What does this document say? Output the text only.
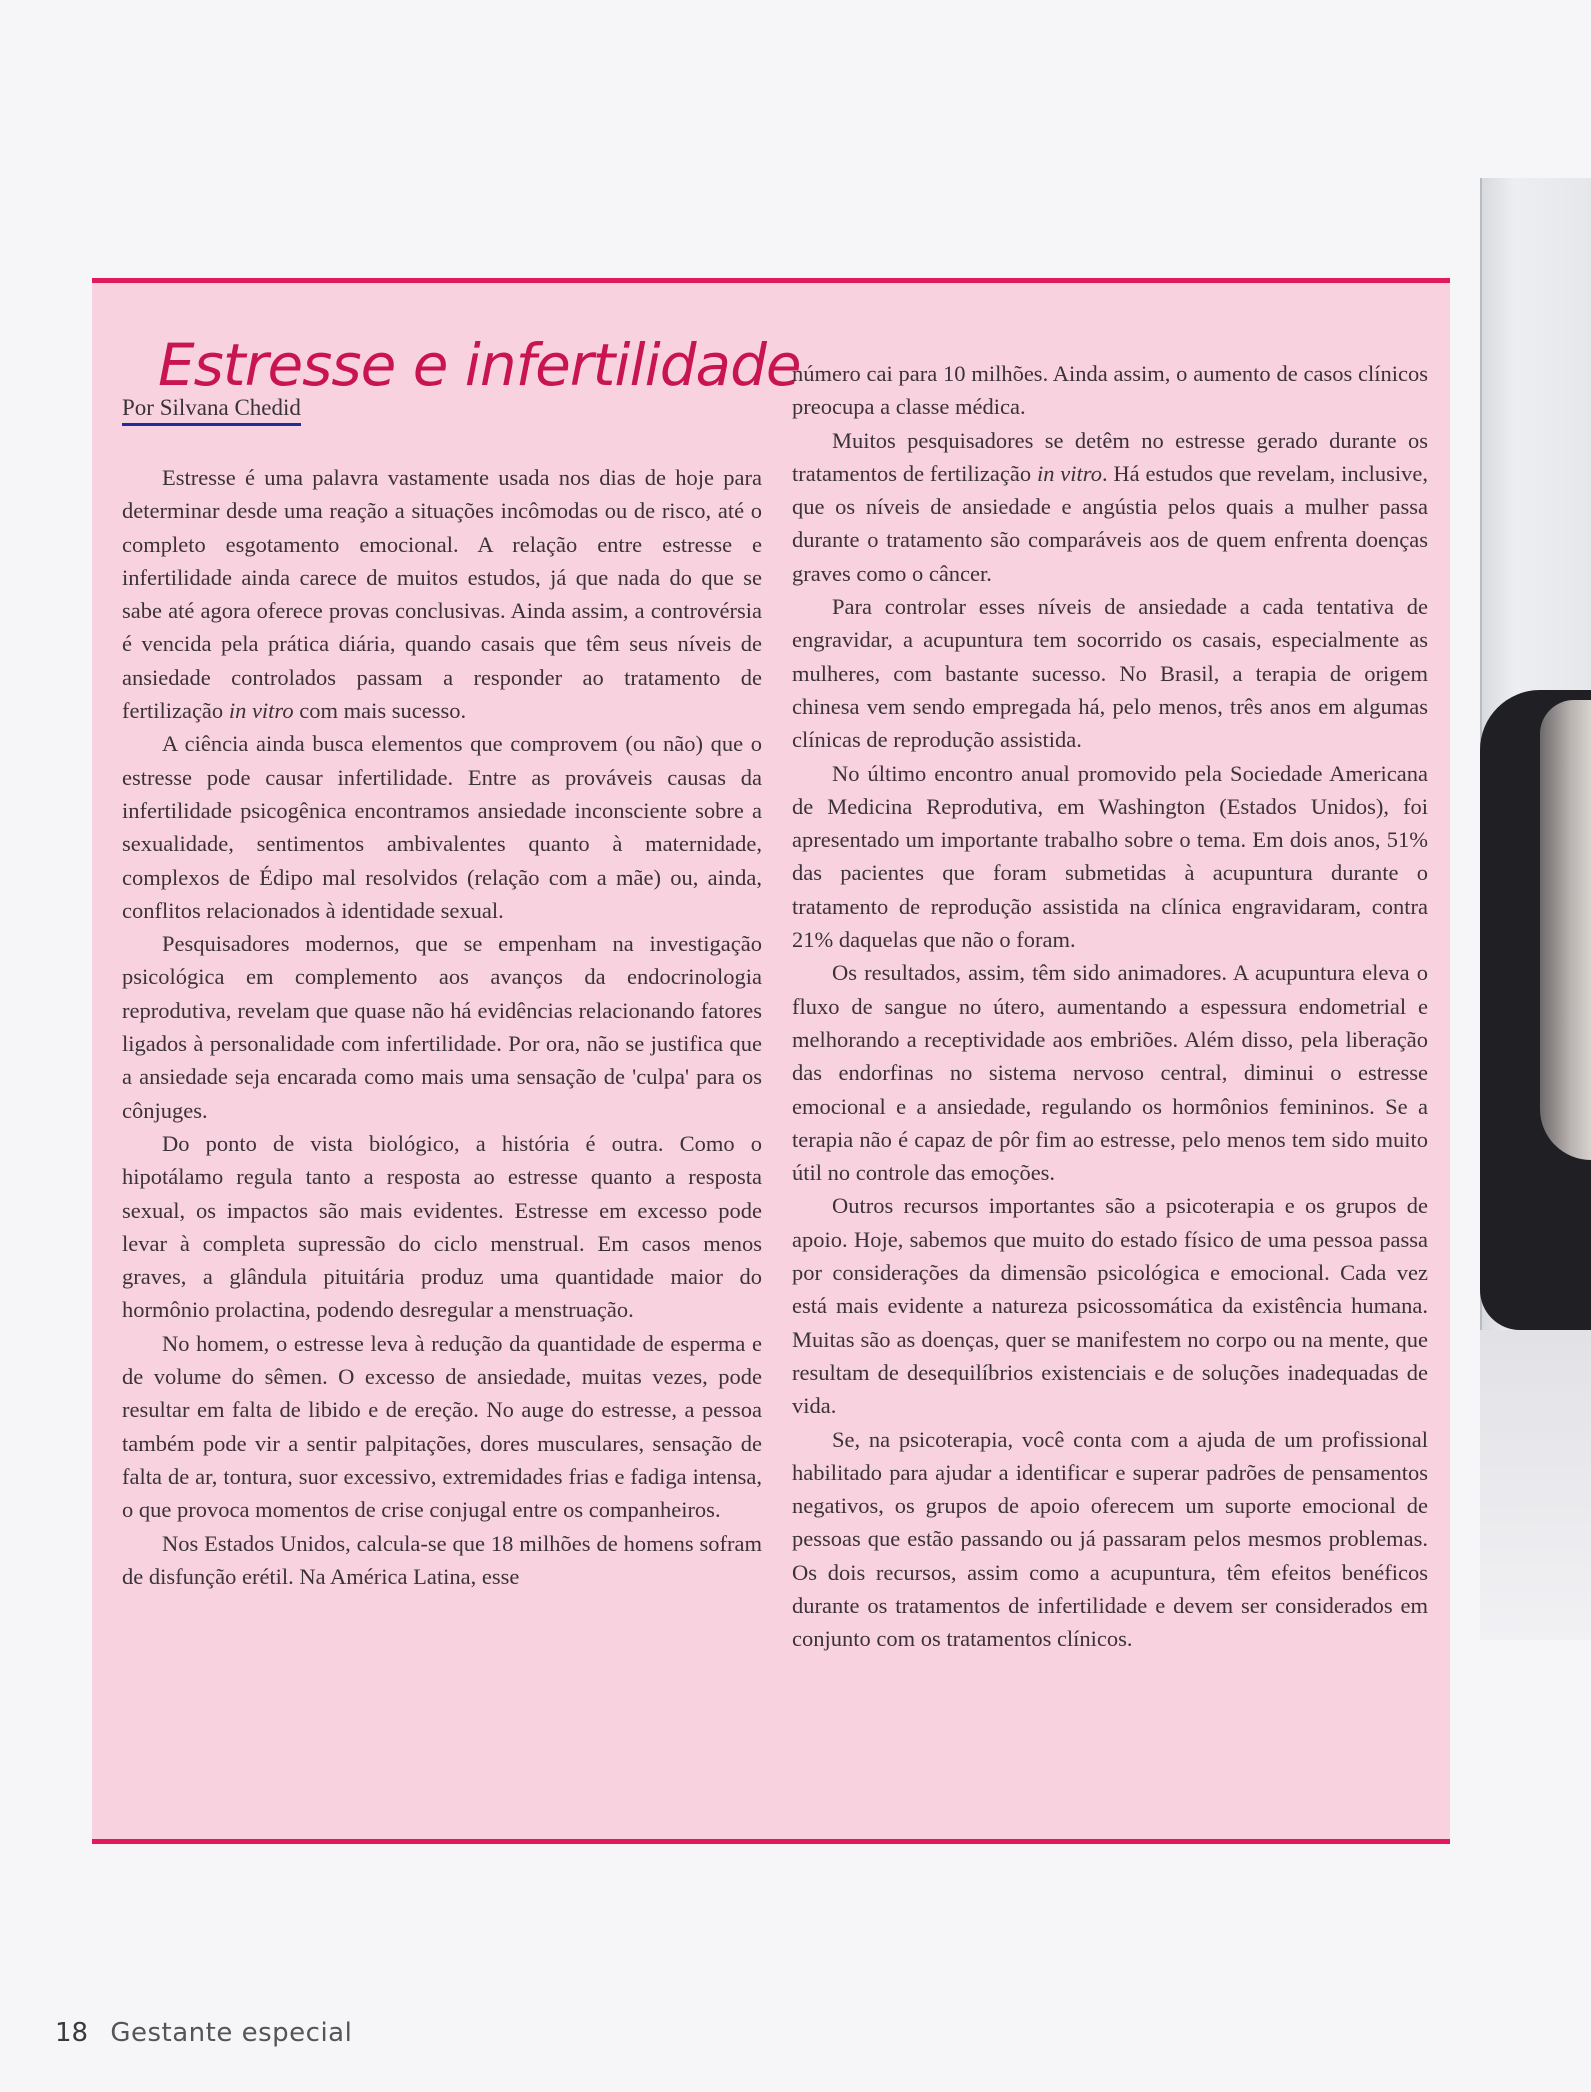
Estresse e infertilidade
Por Silvana Chedid

Estresse é uma palavra vastamente usada nos dias de hoje para determinar desde uma reação a situações incômodas ou de risco, até o completo esgotamento emocional. A relação entre estresse e infertilidade ainda carece de muitos estudos, já que nada do que se sabe até agora oferece provas conclusivas. Ainda assim, a controvérsia é vencida pela prática diária, quando casais que têm seus níveis de ansiedade controlados passam a responder ao tratamento de fertilização in vitro com mais sucesso.

A ciência ainda busca elementos que comprovem (ou não) que o estresse pode causar infertilidade. Entre as prováveis causas da infertilidade psicogênica encontramos ansiedade inconsciente sobre a sexualidade, sentimentos ambivalentes quanto à maternidade, complexos de Édipo mal resolvidos (relação com a mãe) ou, ainda, conflitos relacionados à identidade sexual.

Pesquisadores modernos, que se empenham na investigação psicológica em complemento aos avanços da endocrinologia reprodutiva, revelam que quase não há evidências relacionando fatores ligados à personalidade com infertilidade. Por ora, não se justifica que a ansiedade seja encarada como mais uma sensação de 'culpa' para os cônjuges.

Do ponto de vista biológico, a história é outra. Como o hipotálamo regula tanto a resposta ao estresse quanto a resposta sexual, os impactos são mais evidentes. Estresse em excesso pode levar à completa supressão do ciclo menstrual. Em casos menos graves, a glândula pituitária produz uma quantidade maior do hormônio prolactina, podendo desregular a menstruação.

No homem, o estresse leva à redução da quantidade de esperma e de volume do sêmen. O excesso de ansiedade, muitas vezes, pode resultar em falta de libido e de ereção. No auge do estresse, a pessoa também pode vir a sentir palpitações, dores musculares, sensação de falta de ar, tontura, suor excessivo, extremidades frias e fadiga intensa, o que provoca momentos de crise conjugal entre os companheiros.

Nos Estados Unidos, calcula-se que 18 milhões de homens sofram de disfunção erétil. Na América Latina, esse

número cai para 10 milhões. Ainda assim, o aumento de casos clínicos preocupa a classe médica.

Muitos pesquisadores se detêm no estresse gerado durante os tratamentos de fertilização in vitro. Há estudos que revelam, inclusive, que os níveis de ansiedade e angústia pelos quais a mulher passa durante o tratamento são comparáveis aos de quem enfrenta doenças graves como o câncer.

Para controlar esses níveis de ansiedade a cada tentativa de engravidar, a acupuntura tem socorrido os casais, especialmente as mulheres, com bastante sucesso. No Brasil, a terapia de origem chinesa vem sendo empregada há, pelo menos, três anos em algumas clínicas de reprodução assistida.

No último encontro anual promovido pela Sociedade Americana de Medicina Reprodutiva, em Washington (Estados Unidos), foi apresentado um importante trabalho sobre o tema. Em dois anos, 51% das pacientes que foram submetidas à acupuntura durante o tratamento de reprodução assistida na clínica engravidaram, contra 21% daquelas que não o foram.

Os resultados, assim, têm sido animadores. A acupuntura eleva o fluxo de sangue no útero, aumentando a espessura endometrial e melhorando a receptividade aos embriões. Além disso, pela liberação das endorfinas no sistema nervoso central, diminui o estresse emocional e a ansiedade, regulando os hormônios femininos. Se a terapia não é capaz de pôr fim ao estresse, pelo menos tem sido muito útil no controle das emoções.

Outros recursos importantes são a psicoterapia e os grupos de apoio. Hoje, sabemos que muito do estado físico de uma pessoa passa por considerações da dimensão psicológica e emocional. Cada vez está mais evidente a natureza psicossomática da existência humana. Muitas são as doenças, quer se manifestem no corpo ou na mente, que resultam de desequilíbrios existenciais e de soluções inadequadas de vida.

Se, na psicoterapia, você conta com a ajuda de um profissional habilitado para ajudar a identificar e superar padrões de pensamentos negativos, os grupos de apoio oferecem um suporte emocional de pessoas que estão passando ou já passaram pelos mesmos problemas. Os dois recursos, assim como a acupuntura, têm efeitos benéficos durante os tratamentos de infertilidade e devem ser considerados em conjunto com os tratamentos clínicos.

18 Gestante especial
